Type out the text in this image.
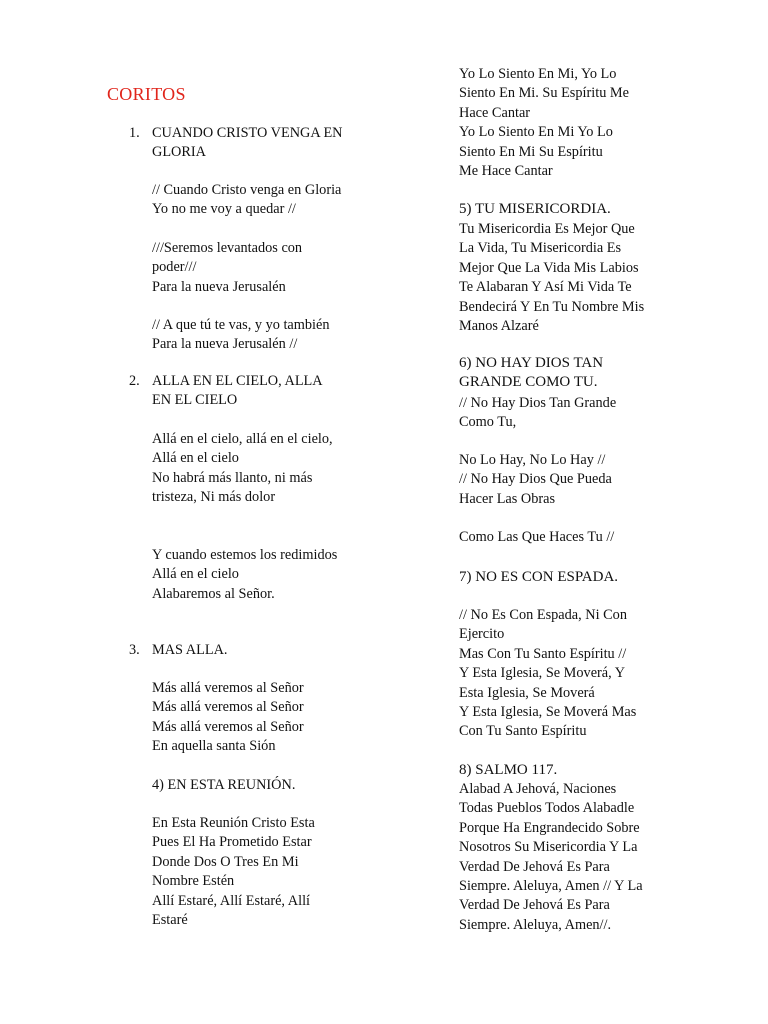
CORITOS
1. CUANDO CRISTO VENGA EN
GLORIA
// Cuando Cristo venga en Gloria
Yo no me voy a quedar //
///Seremos levantados con
poder///
Para la nueva Jerusalén
// A que tú te vas, y yo también
Para la nueva Jerusalén //
2. ALLA EN EL CIELO, ALLA
EN EL CIELO
Allá en el cielo, allá en el cielo,
Allá en el cielo
No habrá más llanto, ni más
tristeza, Ni más dolor
Y cuando estemos los redimidos
Allá en el cielo
Alabaremos al Señor.
3. MAS ALLA.
Más allá veremos al Señor
Más allá veremos al Señor
Más allá veremos al Señor
En aquella santa Sión
4) EN ESTA REUNIÓN.
En Esta Reunión Cristo Esta
Pues El Ha Prometido Estar
Donde Dos O Tres En Mi
Nombre Estén
Allí Estaré, Allí Estaré, Allí
Estaré
Yo Lo Siento En Mi, Yo Lo
Siento En Mi. Su Espíritu Me
Hace Cantar
Yo Lo Siento En Mi Yo Lo
Siento En Mi Su Espíritu
Me Hace Cantar
5) TU MISERICORDIA.
Tu Misericordia Es Mejor Que
La Vida, Tu Misericordia Es
Mejor Que La Vida Mis Labios
Te Alabaran Y Así Mi Vida Te
Bendecirá Y En Tu Nombre Mis
Manos Alzaré
6) NO HAY DIOS TAN
GRANDE COMO TU.
// No Hay Dios Tan Grande
Como Tu,
No Lo Hay, No Lo Hay //
// No Hay Dios Que Pueda
Hacer Las Obras
Como Las Que Haces Tu //
7) NO ES CON ESPADA.
// No Es Con Espada, Ni Con
Ejercito
Mas Con Tu Santo Espíritu //
Y Esta Iglesia, Se Moverá, Y
Esta Iglesia, Se Moverá
Y Esta Iglesia, Se Moverá Mas
Con Tu Santo Espíritu
8) SALMO 117.
Alabad A Jehová, Naciones
Todas Pueblos Todos Alabadle
Porque Ha Engrandecido Sobre
Nosotros Su Misericordia Y La
Verdad De Jehová Es Para
Siempre. Aleluya, Amen // Y La
Verdad De Jehová Es Para
Siempre. Aleluya, Amen//.
